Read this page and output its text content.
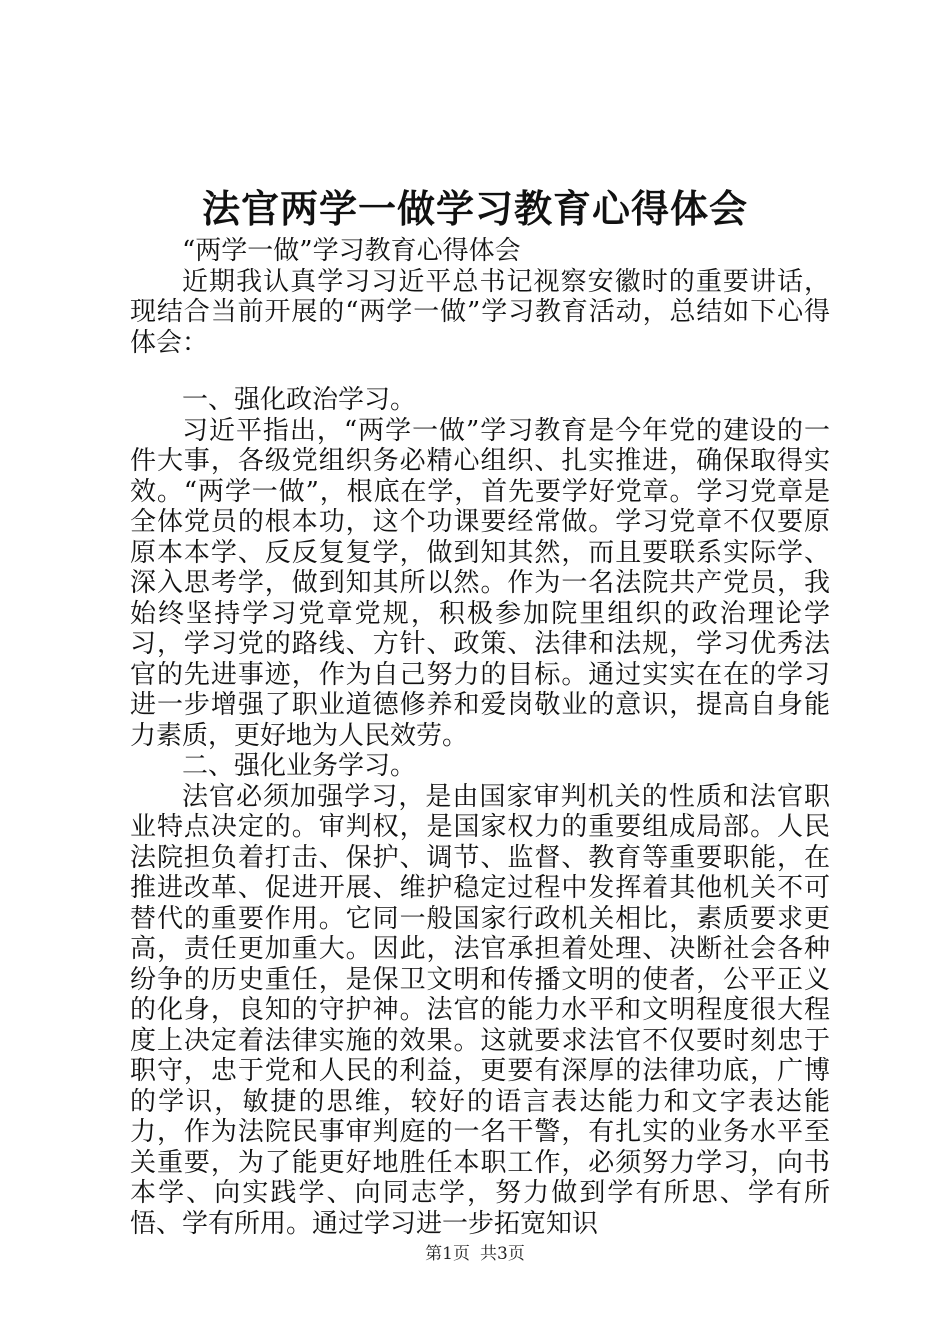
法官两学一做学习教育心得体会

“两学一做”学习教育心得体会

近期我认真学习习近平总书记视察安徽时的重要讲话，现结合当前开展的“两学一做”学习教育活动，总结如下心得体会：

一、强化政治学习。

习近平指出，“两学一做”学习教育是今年党的建设的一件大事，各级党组织务必精心组织、扎实推进，确保取得实效。“两学一做”，根底在学，首先要学好党章。学习党章是全体党员的根本功，这个功课要经常做。学习党章不仅要原原本本学、反反复复学，做到知其然，而且要联系实际学、深入思考学，做到知其所以然。作为一名法院共产党员，我始终坚持学习党章党规，积极参加院里组织的政治理论学习，学习党的路线、方针、政策、法律和法规，学习优秀法官的先进事迹，作为自己努力的目标。通过实实在在的学习进一步增强了职业道德修养和爱岗敬业的意识，提高自身能力素质，更好地为人民效劳。

二、强化业务学习。

法官必须加强学习，是由国家审判机关的性质和法官职业特点决定的。审判权，是国家权力的重要组成局部。人民法院担负着打击、保护、调节、监督、教育等重要职能，在推进改革、促进开展、维护稳定过程中发挥着其他机关不可替代的重要作用。它同一般国家行政机关相比，素质要求更高，责任更加重大。因此，法官承担着处理、决断社会各种纷争的历史重任，是保卫文明和传播文明的使者，公平正义的化身，良知的守护神。法官的能力水平和文明程度很大程度上决定着法律实施的效果。这就要求法官不仅要时刻忠于职守，忠于党和人民的利益，更要有深厚的法律功底，广博的学识，敏捷的思维，较好的语言表达能力和文字表达能力，作为法院民事审判庭的一名干警，有扎实的业务水平至关重要，为了能更好地胜任本职工作，必须努力学习，向书本学、向实践学、向同志学，努力做到学有所思、学有所悟、学有所用。通过学习进一步拓宽知识

第1页 共3页
